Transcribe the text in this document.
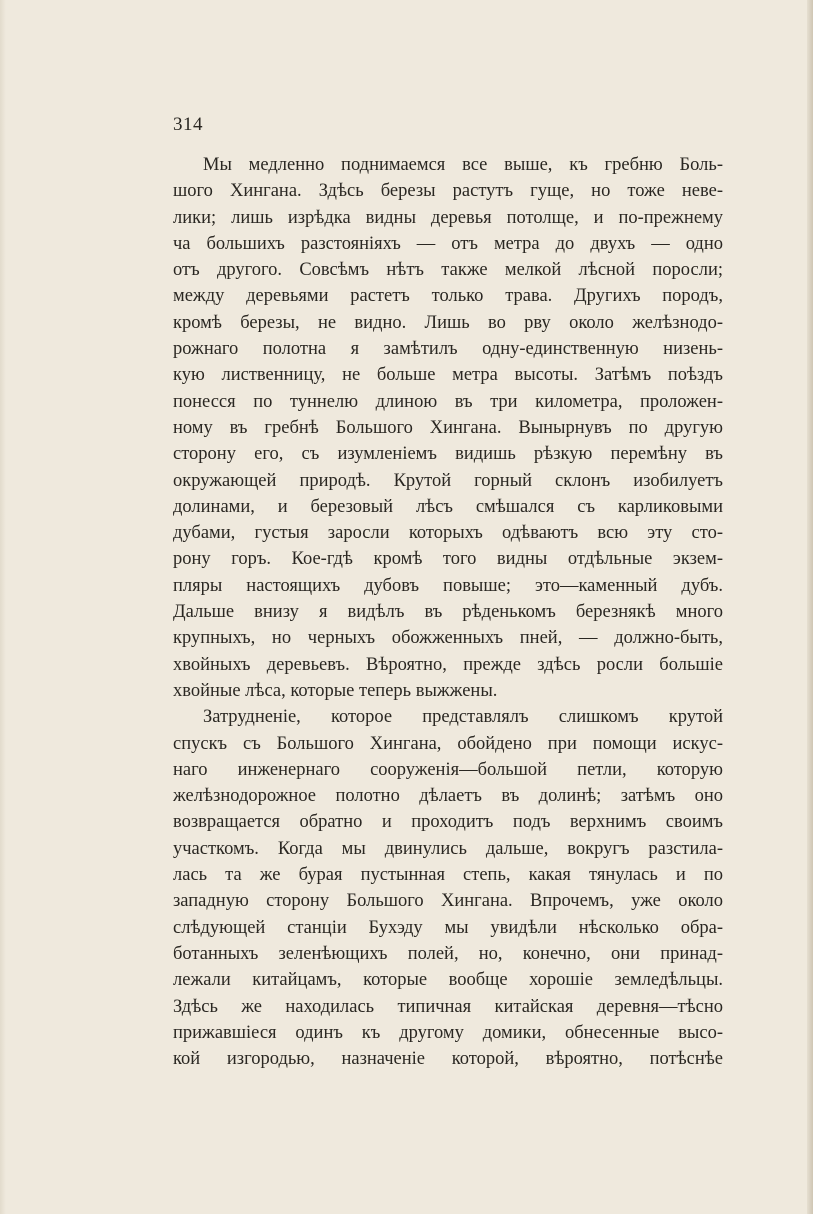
314
Мы медленно поднимаемся все выше, къ гребню Боль-
шого Хингана. Здѣсь березы растутъ гуще, но тоже неве-
лики; лишь изрѣдка видны деревья потолще, и по-прежнему
ча большихъ разстояніяхъ — отъ метра до двухъ — одно
отъ другого. Совсѣмъ нѣтъ также мелкой лѣсной поросли;
между деревьями растетъ только трава. Другихъ породъ,
кромѣ березы, не видно. Лишь во рву около желѣзнодо-
рожнаго полотна я замѣтилъ одну-единственную низень-
кую лиственницу, не больше метра высоты. Затѣмъ поѣздъ
понесся по туннелю длиною въ три километра, проложен-
ному въ гребнѣ Большого Хингана. Вынырнувъ по другую
сторону его, съ изумленіемъ видишь рѣзкую перемѣну въ
окружающей природѣ. Крутой горный склонъ изобилуетъ
долинами, и березовый лѣсъ смѣшался съ карликовыми
дубами, густыя заросли которыхъ одѣваютъ всю эту сто-
рону горъ. Кое-гдѣ кромѣ того видны отдѣльные экзем-
пляры настоящихъ дубовъ повыше; это—каменный дубъ.
Дальше внизу я видѣлъ въ рѣденькомъ березнякѣ много
крупныхъ, но черныхъ обожженныхъ пней, — должно-быть,
хвойныхъ деревьевъ. Вѣроятно, прежде здѣсь росли большіе
хвойные лѣса, которые теперь выжжены.
Затрудненіе, которое представлялъ слишкомъ крутой
спускъ съ Большого Хингана, обойдено при помощи искус-
наго инженернаго сооруженія—большой петли, которую
желѣзнодорожное полотно дѣлаетъ въ долинѣ; затѣмъ оно
возвращается обратно и проходитъ подъ верхнимъ своимъ
участкомъ. Когда мы двинулись дальше, вокругъ разстила-
лась та же бурая пустынная степь, какая тянулась и по
западную сторону Большого Хингана. Впрочемъ, уже около
слѣдующей станціи Бухэду мы увидѣли нѣсколько обра-
ботанныхъ зеленѣющихъ полей, но, конечно, они принад-
лежали китайцамъ, которые вообще хорошіе земледѣльцы.
Здѣсь же находилась типичная китайская деревня—тѣсно
прижавшіеся одинъ къ другому домики, обнесенные высо-
кой изгородью, назначеніе которой, вѣроятно, потѣснѣе
